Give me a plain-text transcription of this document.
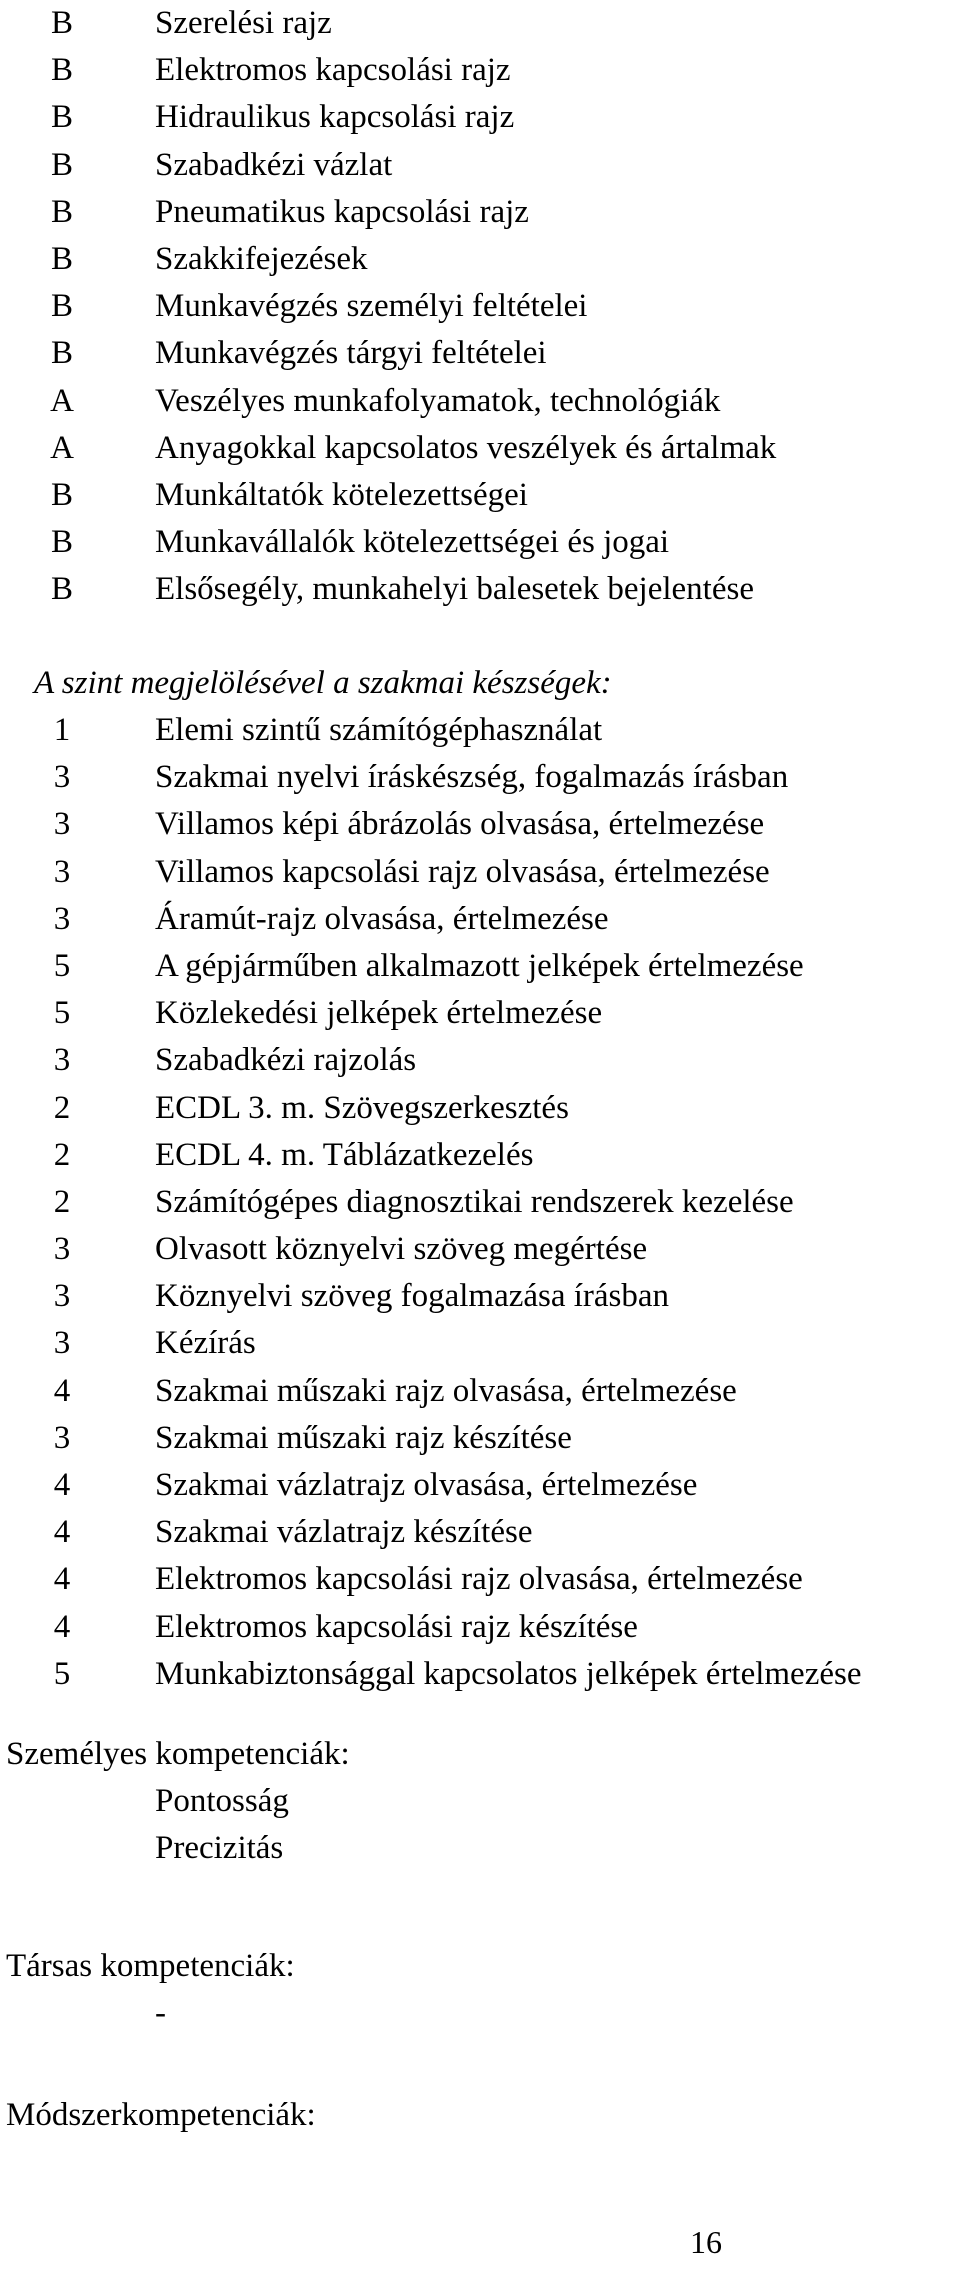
B Szerelési rajz
B Elektromos kapcsolási rajz
B Hidraulikus kapcsolási rajz
B Szabadkézi vázlat
B Pneumatikus kapcsolási rajz
B Szakkifejezések
B Munkavégzés személyi feltételei
B Munkavégzés tárgyi feltételei
A Veszélyes munkafolyamatok, technológiák
A Anyagokkal kapcsolatos veszélyek és ártalmak
B Munkáltatók kötelezettségei
B Munkavállalók kötelezettségei és jogai
B Elsősegély, munkahelyi balesetek bejelentése
A szint megjelölésével a szakmai készségek:
1	Elemi szintű számítógéphasználat
3	Szakmai nyelvi íráskészség, fogalmazás írásban
3	Villamos képi ábrázolás olvasása, értelmezése
3	Villamos kapcsolási rajz olvasása, értelmezése
3	Áramút-rajz olvasása, értelmezése
5	A gépjárműben alkalmazott jelképek értelmezése
5	Közlekedési jelképek értelmezése
3	Szabadkézi rajzolás
2	ECDL 3. m. Szövegszerkesztés
2	ECDL 4. m. Táblázatkezelés
2	Számítógépes diagnosztikai rendszerek kezelése
3	Olvasott köznyelvi szöveg megértése
3	Köznyelvi szöveg fogalmazása írásban
3	Kézírás
4	Szakmai műszaki rajz olvasása, értelmezése
3	Szakmai műszaki rajz készítése
4	Szakmai vázlatrajz olvasása, értelmezése
4	Szakmai vázlatrajz készítése
4	Elektromos kapcsolási rajz olvasása, értelmezése
4	Elektromos kapcsolási rajz készítése
5	Munkabiztonsággal kapcsolatos jelképek értelmezése
Személyes kompetenciák:
Pontosság
Precizitás
Társas kompetenciák:
-
Módszerkompetenciák:
16
